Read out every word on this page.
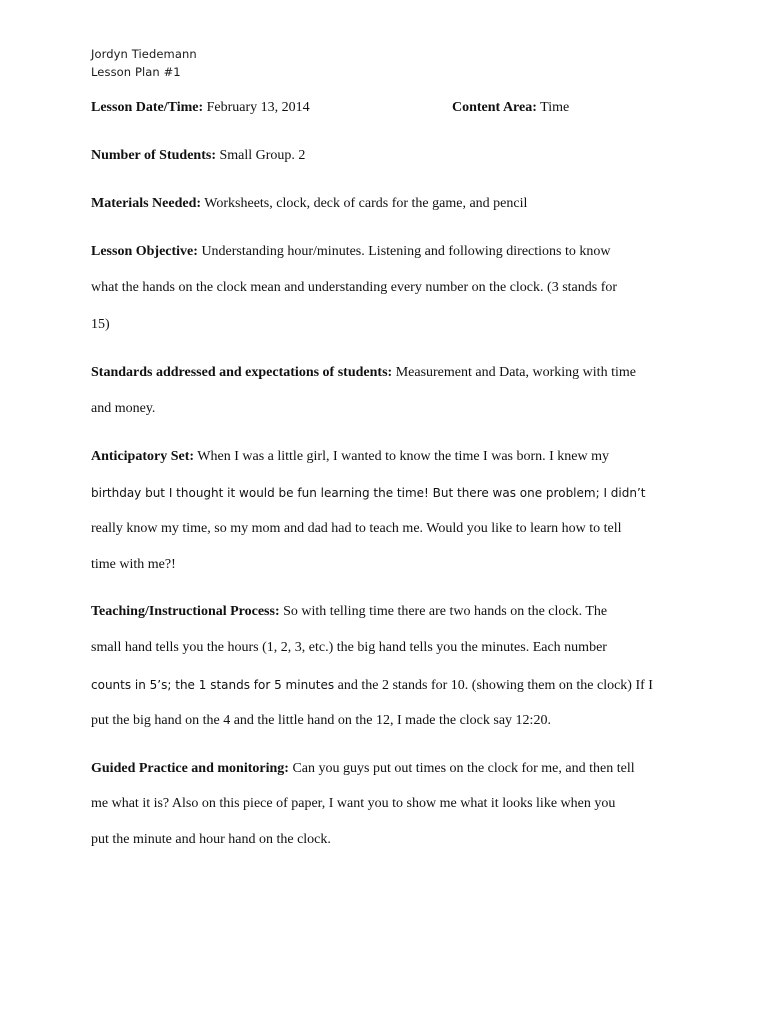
Jordyn Tiedemann
Lesson Plan #1
Lesson Date/Time: February 13, 2014	Content Area: Time
Number of Students: Small Group. 2
Materials Needed: Worksheets, clock, deck of cards for the game, and pencil
Lesson Objective: Understanding hour/minutes. Listening and following directions to know
what the hands on the clock mean and understanding every number on the clock. (3 stands for
15)
Standards addressed and expectations of students: Measurement and Data, working with time
and money.
Anticipatory Set: When I was a little girl, I wanted to know the time I was born. I knew my
birthday but I thought it would be fun learning the time! But there was one problem; I didn’t
really know my time, so my mom and dad had to teach me. Would you like to learn how to tell
time with me?!
Teaching/Instructional Process: So with telling time there are two hands on the clock. The
small hand tells you the hours (1, 2, 3, etc.) the big hand tells you the minutes. Each number
counts in 5’s; the 1 stands for 5 minutes and the 2 stands for 10. (showing them on the clock) If I
put the big hand on the 4 and the little hand on the 12, I made the clock say 12:20.
Guided Practice and monitoring: Can you guys put out times on the clock for me, and then tell
me what it is? Also on this piece of paper, I want you to show me what it looks like when you
put the minute and hour hand on the clock.
